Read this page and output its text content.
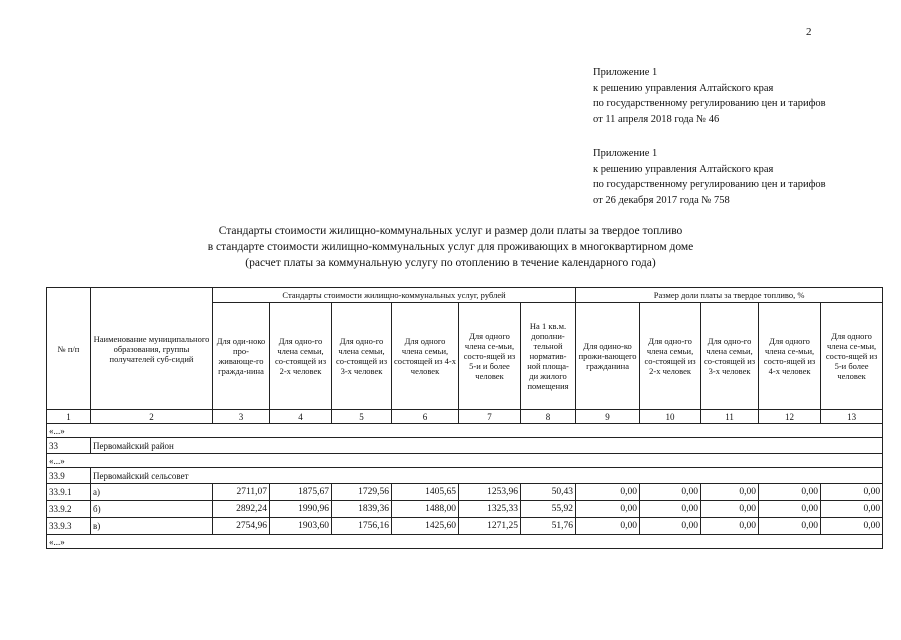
2
Приложение 1
к решению управления Алтайского края
по государственному регулированию цен и тарифов
от 11 апреля 2018 года № 46
Приложение 1
к решению управления Алтайского края
по государственному регулированию цен и тарифов
от 26 декабря 2017 года № 758
Стандарты стоимости жилищно-коммунальных услуг и размер доли платы за твердое топливо
в стандарте стоимости жилищно-коммунальных услуг для проживающих в многоквартирном доме
(расчет платы за коммунальную услугу по отоплению в течение календарного года)
№ п/п	Наименование муниципального образования, группы получателей суб-сидий	Стандарты стоимости жилищно-коммунальных услуг, рублей						Размер доли платы за твердое топливо, %				
		Для оди-ноко про-живающе-го гражда-нина	Для одно-го члена семьи, со-стоящей из 2-х человек	Для одно-го члена семьи, со-стоящей из 3-х человек	Для одного члена семьи, состоящей из 4-х человек	Для одного члена се-мьи, состо-ящей из 5-и и более человек	На 1 кв.м. дополни-тельной норматив-ной площа-ди жилого помещения	Для одино-ко прожи-вающего гражданина	Для одно-го члена семьи, со-стоящей из 2-х человек	Для одно-го члена семьи, со-стоящей из 3-х человек	Для одного члена се-мьи, состо-ящей из 4-х человек	Для одного члена се-мьи, состо-ящей из 5-и более человек
1	2	3	4	5	6	7	8	9	10	11	12	13
«...»												
33	Первомайский район											
«...»												
33.9	Первомайский сельсовет											
33.9.1	а)	2711,07	1875,67	1729,56	1405,65	1253,96	50,43	0,00	0,00	0,00	0,00	0,00
33.9.2	б)	2892,24	1990,96	1839,36	1488,00	1325,33	55,92	0,00	0,00	0,00	0,00	0,00
33.9.3	в)	2754,96	1903,60	1756,16	1425,60	1271,25	51,76	0,00	0,00	0,00	0,00	0,00
«...»												
